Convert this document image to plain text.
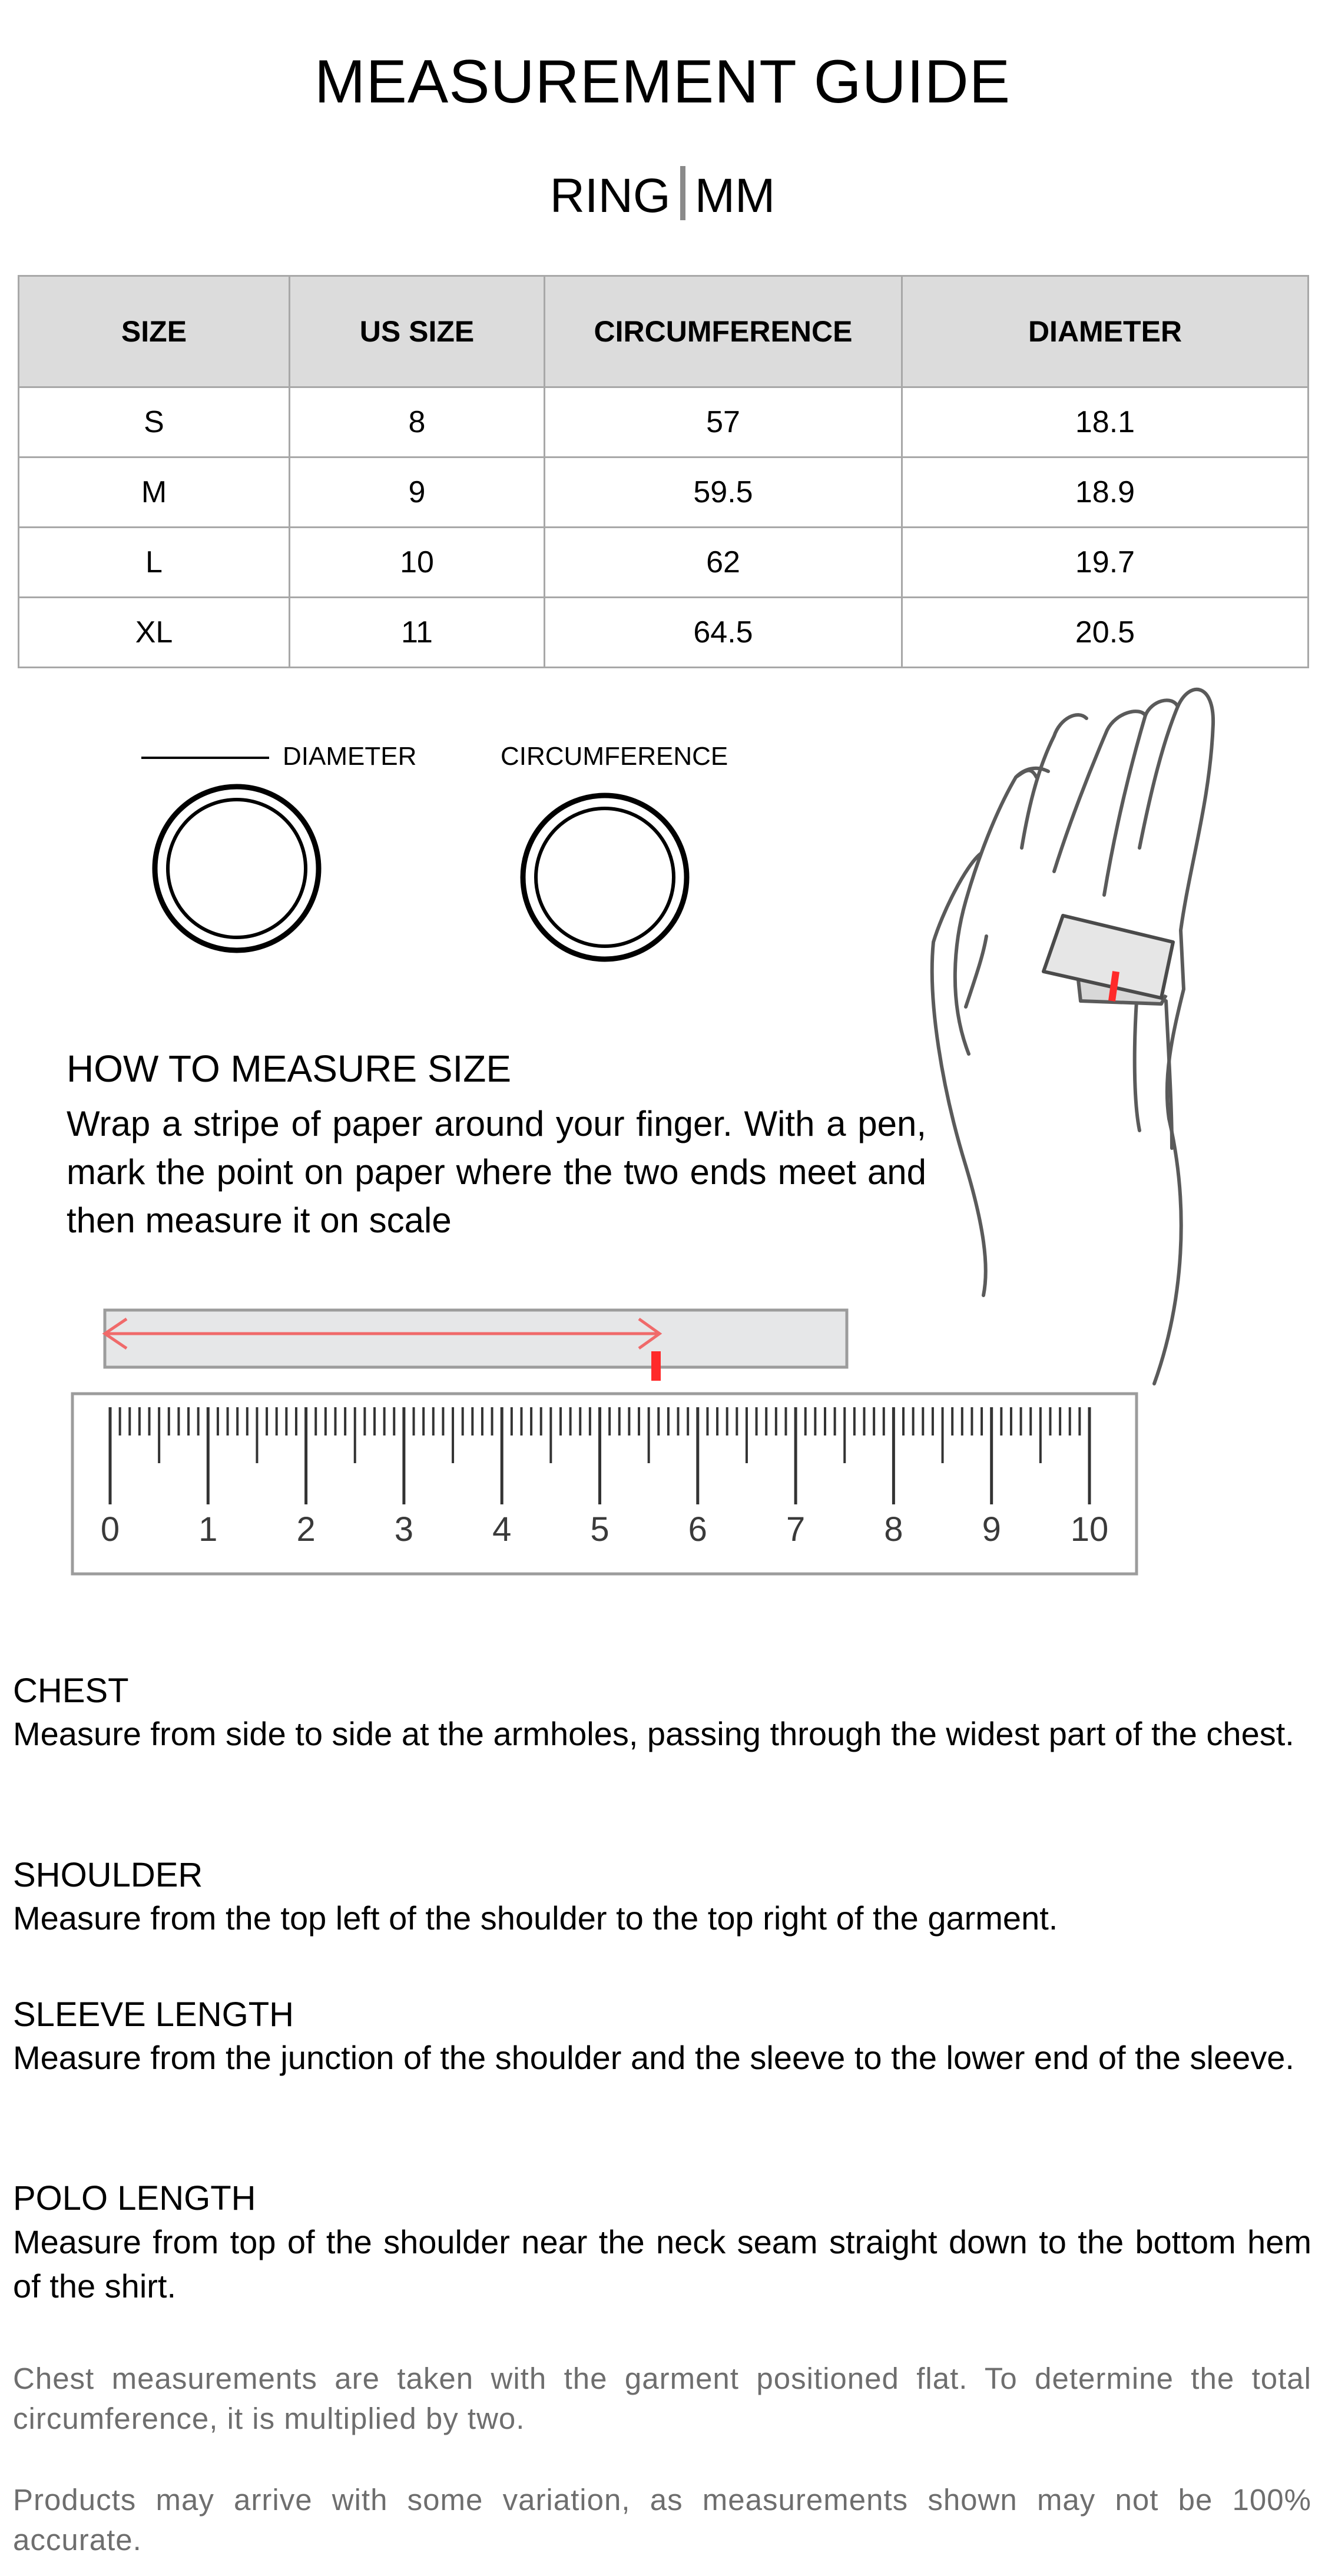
MEASUREMENT GUIDE
RING MM
SIZE	US SIZE	CIRCUMFERENCE	DIAMETER
S	8	57	18.1
M	9	59.5	18.9
L	10	62	19.7
XL	11	64.5	20.5
0 1 2 3 4 5 6 7 8 9 10
DIAMETER	CIRCUMFERENCE
HOW TO MEASURE SIZE
Wrap a stripe of paper around your finger. With a pen, mark the point on paper where the two ends meet and then measure it on scale
CHEST
Measure from side to side at the armholes, passing through the widest part of the chest.
SHOULDER
Measure from the top left of the shoulder to the top right of the garment.
SLEEVE LENGTH
Measure from the junction of the shoulder and the sleeve to the lower end of the sleeve.
POLO LENGTH
Measure from top of the shoulder near the neck seam straight down to the bottom hem of the shirt.
Chest measurements are taken with the garment positioned flat. To determine the total circumference, it is multiplied by two.
Products may arrive with some variation, as measurements shown may not be 100% accurate.
